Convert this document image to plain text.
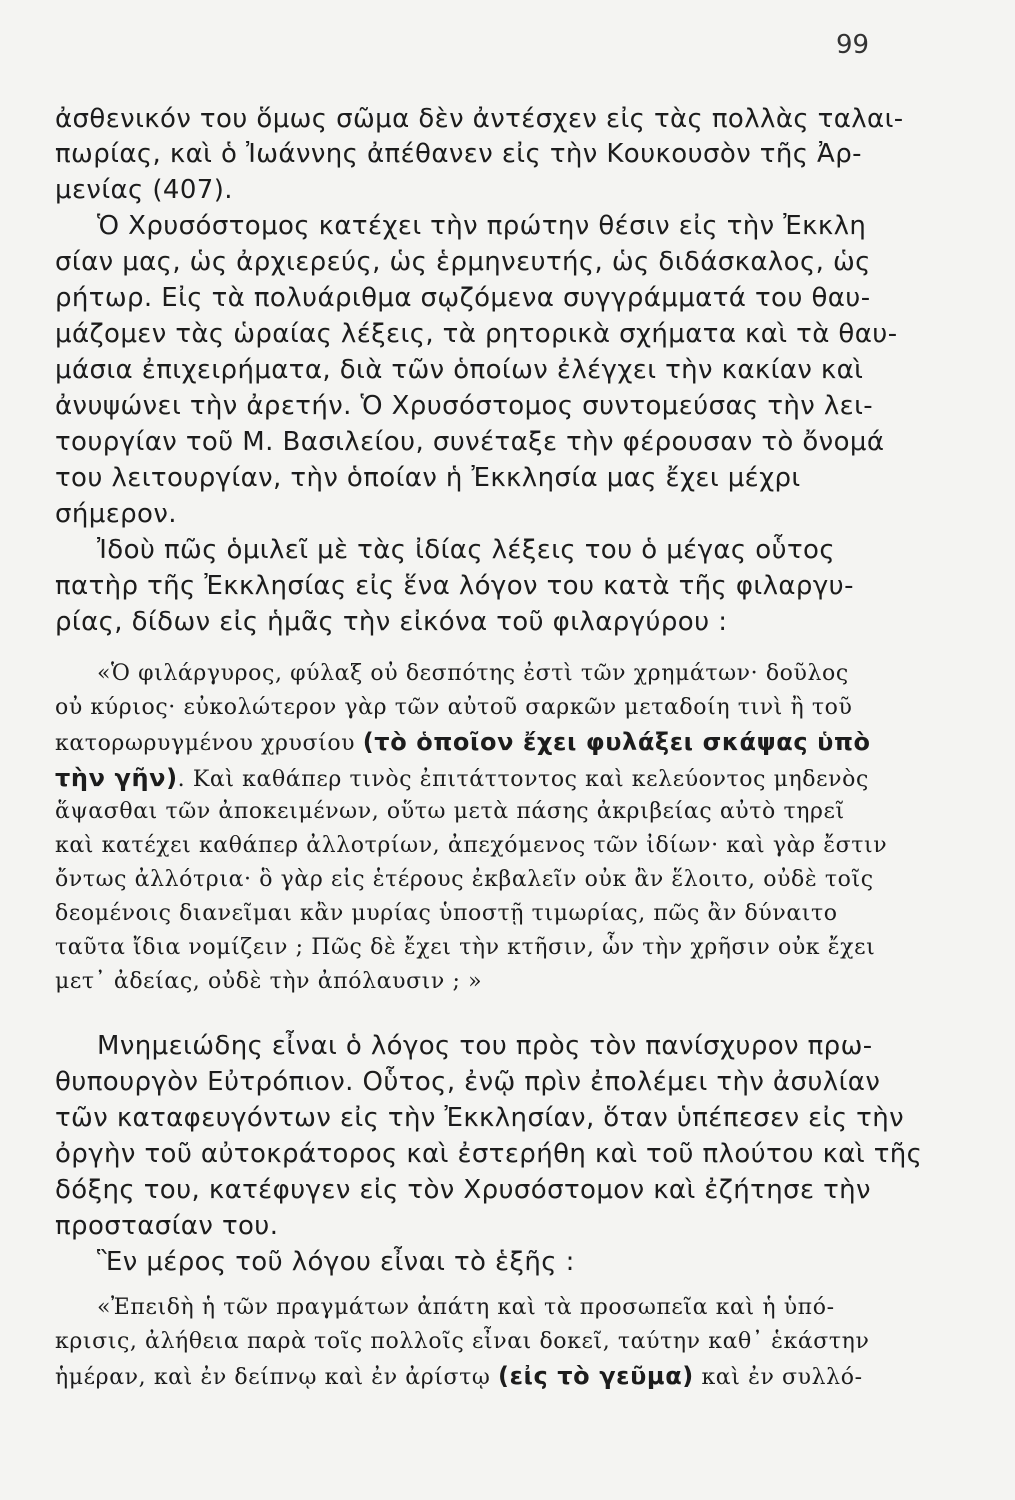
99
ἀσθενικόν του ὅμως σῶμα δὲν ἀντέσχεν εἰς τὰς πολλὰς ταλαι-
πωρίας, καὶ ὁ Ἰωάννης ἀπέθανεν εἰς τὴν Κουκουσὸν τῆς Ἀρ-
μενίας (407).
Ὁ Χρυσόστομος κατέχει τὴν πρώτην θέσιν εἰς τὴν Ἐκκλη
σίαν μας, ὡς ἀρχιερεύς, ὡς ἑρμηνευτής, ὡς διδάσκαλος, ὡς
ρήτωρ. Εἰς τὰ πολυάριθμα σῳζόμενα συγγράμματά του θαυ-
μάζομεν τὰς ὡραίας λέξεις, τὰ ρητορικὰ σχήματα καὶ τὰ θαυ-
μάσια ἐπιχειρήματα, διὰ τῶν ὁποίων ἐλέγχει τὴν κακίαν καὶ
ἀνυψώνει τὴν ἀρετήν. Ὁ Χρυσόστομος συντομεύσας τὴν λει-
τουργίαν τοῦ Μ. Βασιλείου, συνέταξε τὴν φέρουσαν τὸ ὄνομά
του λειτουργίαν, τὴν ὁποίαν ἡ Ἐκκλησία μας ἔχει μέχρι
σήμερον.
Ἰδοὺ πῶς ὁμιλεῖ μὲ τὰς ἰδίας λέξεις του ὁ μέγας οὗτος
πατὴρ τῆς Ἐκκλησίας εἰς ἕνα λόγον του κατὰ τῆς φιλαργυ-
ρίας, δίδων εἰς ἡμᾶς τὴν εἰκόνα τοῦ φιλαργύρου :
«Ὁ φιλάργυρος, φύλαξ οὐ δεσπότης ἐστὶ τῶν χρημάτων· δοῦλος
οὐ κύριος· εὐκολώτερον γὰρ τῶν αὐτοῦ σαρκῶν μεταδοίη τινὶ ἢ τοῦ
κατορωρυγμένου χρυσίου (τὸ ὁποῖον ἔχει φυλάξει σκάψας ὑπὸ
τὴν γῆν). Καὶ καθάπερ τινὸς ἐπιτάττοντος καὶ κελεύοντος μηδενὸς
ἅψασθαι τῶν ἀποκειμένων, οὕτω μετὰ πάσης ἀκριβείας αὐτὸ τηρεῖ
καὶ κατέχει καθάπερ ἀλλοτρίων, ἀπεχόμενος τῶν ἰδίων· καὶ γὰρ ἔστιν
ὄντως ἀλλότρια· ὃ γὰρ εἰς ἑτέρους ἐκβαλεῖν οὐκ ἂν ἕλοιτο, οὐδὲ τοῖς
δεομένοις διανεῖμαι κἂν μυρίας ὑποστῇ τιμωρίας, πῶς ἂν δύναιτο
ταῦτα ἴδια νομίζειν ; Πῶς δὲ ἔχει τὴν κτῆσιν, ὧν τὴν χρῆσιν οὐκ ἔχει
μετ᾽ ἀδείας, οὐδὲ τὴν ἀπόλαυσιν ; »
Μνημειώδης εἶναι ὁ λόγος του πρὸς τὸν πανίσχυρον πρω-
θυπουργὸν Εὐτρόπιον. Οὗτος, ἐνῷ πρὶν ἐπολέμει τὴν ἀσυλίαν
τῶν καταφευγόντων εἰς τὴν Ἐκκλησίαν, ὅταν ὑπέπεσεν εἰς τὴν
ὀργὴν τοῦ αὐτοκράτορος καὶ ἐστερήθη καὶ τοῦ πλούτου καὶ τῆς
δόξης του, κατέφυγεν εἰς τὸν Χρυσόστομον καὶ ἐζήτησε τὴν
προστασίαν του.
Ἓν μέρος τοῦ λόγου εἶναι τὸ ἑξῆς :
«Ἐπειδὴ ἡ τῶν πραγμάτων ἀπάτη καὶ τὰ προσωπεῖα καὶ ἡ ὑπό-
κρισις, ἀλήθεια παρὰ τοῖς πολλοῖς εἶναι δοκεῖ, ταύτην καθ᾽ ἑκάστην
ἡμέραν, καὶ ἐν δείπνῳ καὶ ἐν ἀρίστῳ (εἰς τὸ γεῦμα) καὶ ἐν συλλό-
